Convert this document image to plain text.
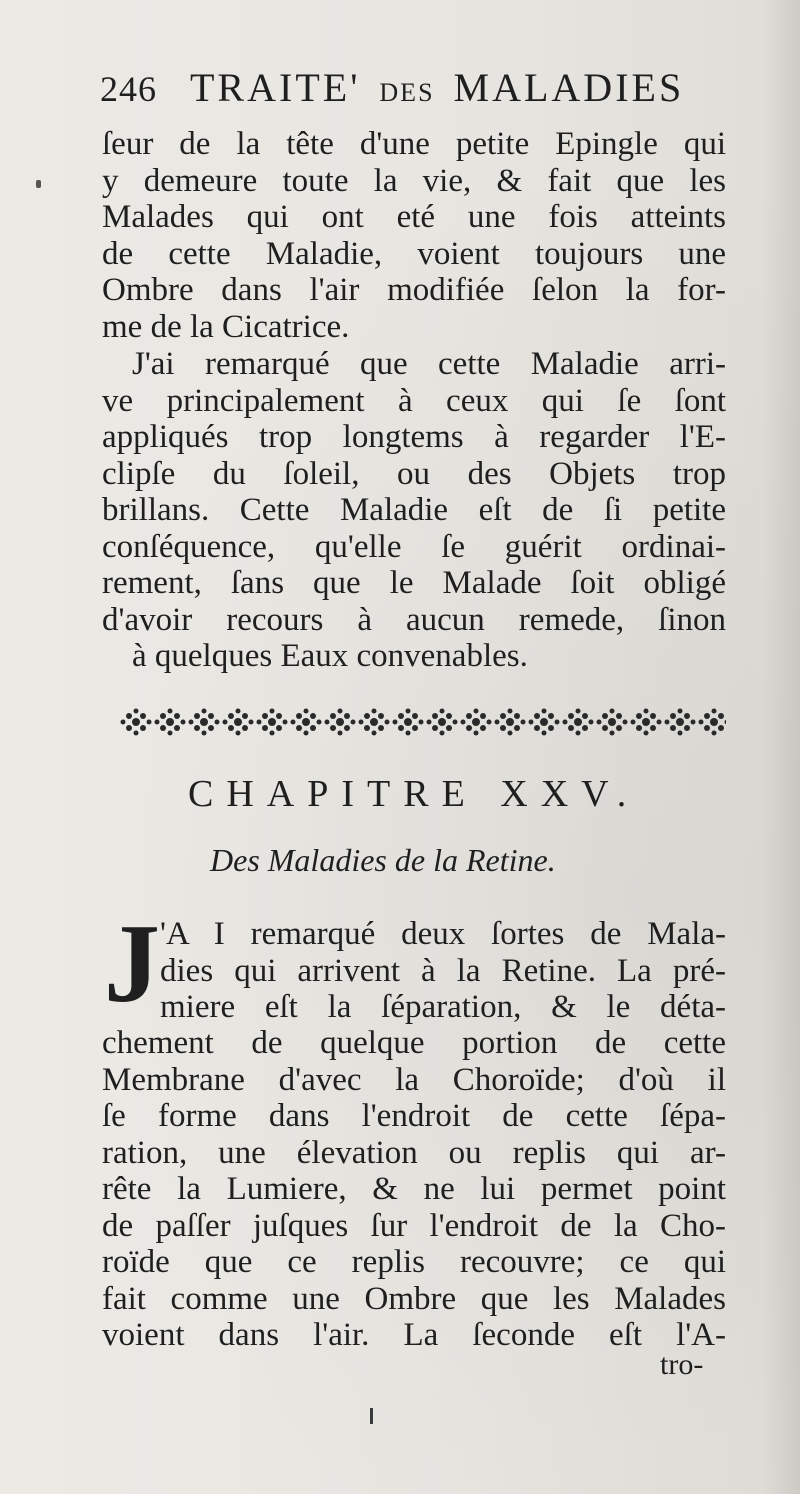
246 TRAITE' DES MALADIES
ſeur de la tête d'une petite Epingle qui
y demeure toute la vie, & fait que les
Malades qui ont eté une fois atteints
de cette Maladie, voient toujours une
Ombre dans l'air modifiée ſelon la for-
me de la Cicatrice.
J'ai remarqué que cette Maladie arri-
ve principalement à ceux qui ſe ſont
appliqués trop longtems à regarder l'E-
clipſe du ſoleil, ou des Objets trop
brillans. Cette Maladie eſt de ſi petite
conſéquence, qu'elle ſe guérit ordinai-
rement, ſans que le Malade ſoit obligé
d'avoir recours à aucun remede, ſinon
à quelques Eaux convenables.
CHAPITRE XXV.
Des Maladies de la Retine.
J 'A I remarqué deux ſortes de Mala-
dies qui arrivent à la Retine. La pré-
miere eſt la ſéparation, & le déta-
chement de quelque portion de cette
Membrane d'avec la Choroïde; d'où il
ſe forme dans l'endroit de cette ſépa-
ration, une élevation ou replis qui ar-
rête la Lumiere, & ne lui permet point
de paſſer juſques ſur l'endroit de la Cho-
roïde que ce replis recouvre; ce qui
fait comme une Ombre que les Malades
voient dans l'air. La ſeconde eſt l'A-
tro-
